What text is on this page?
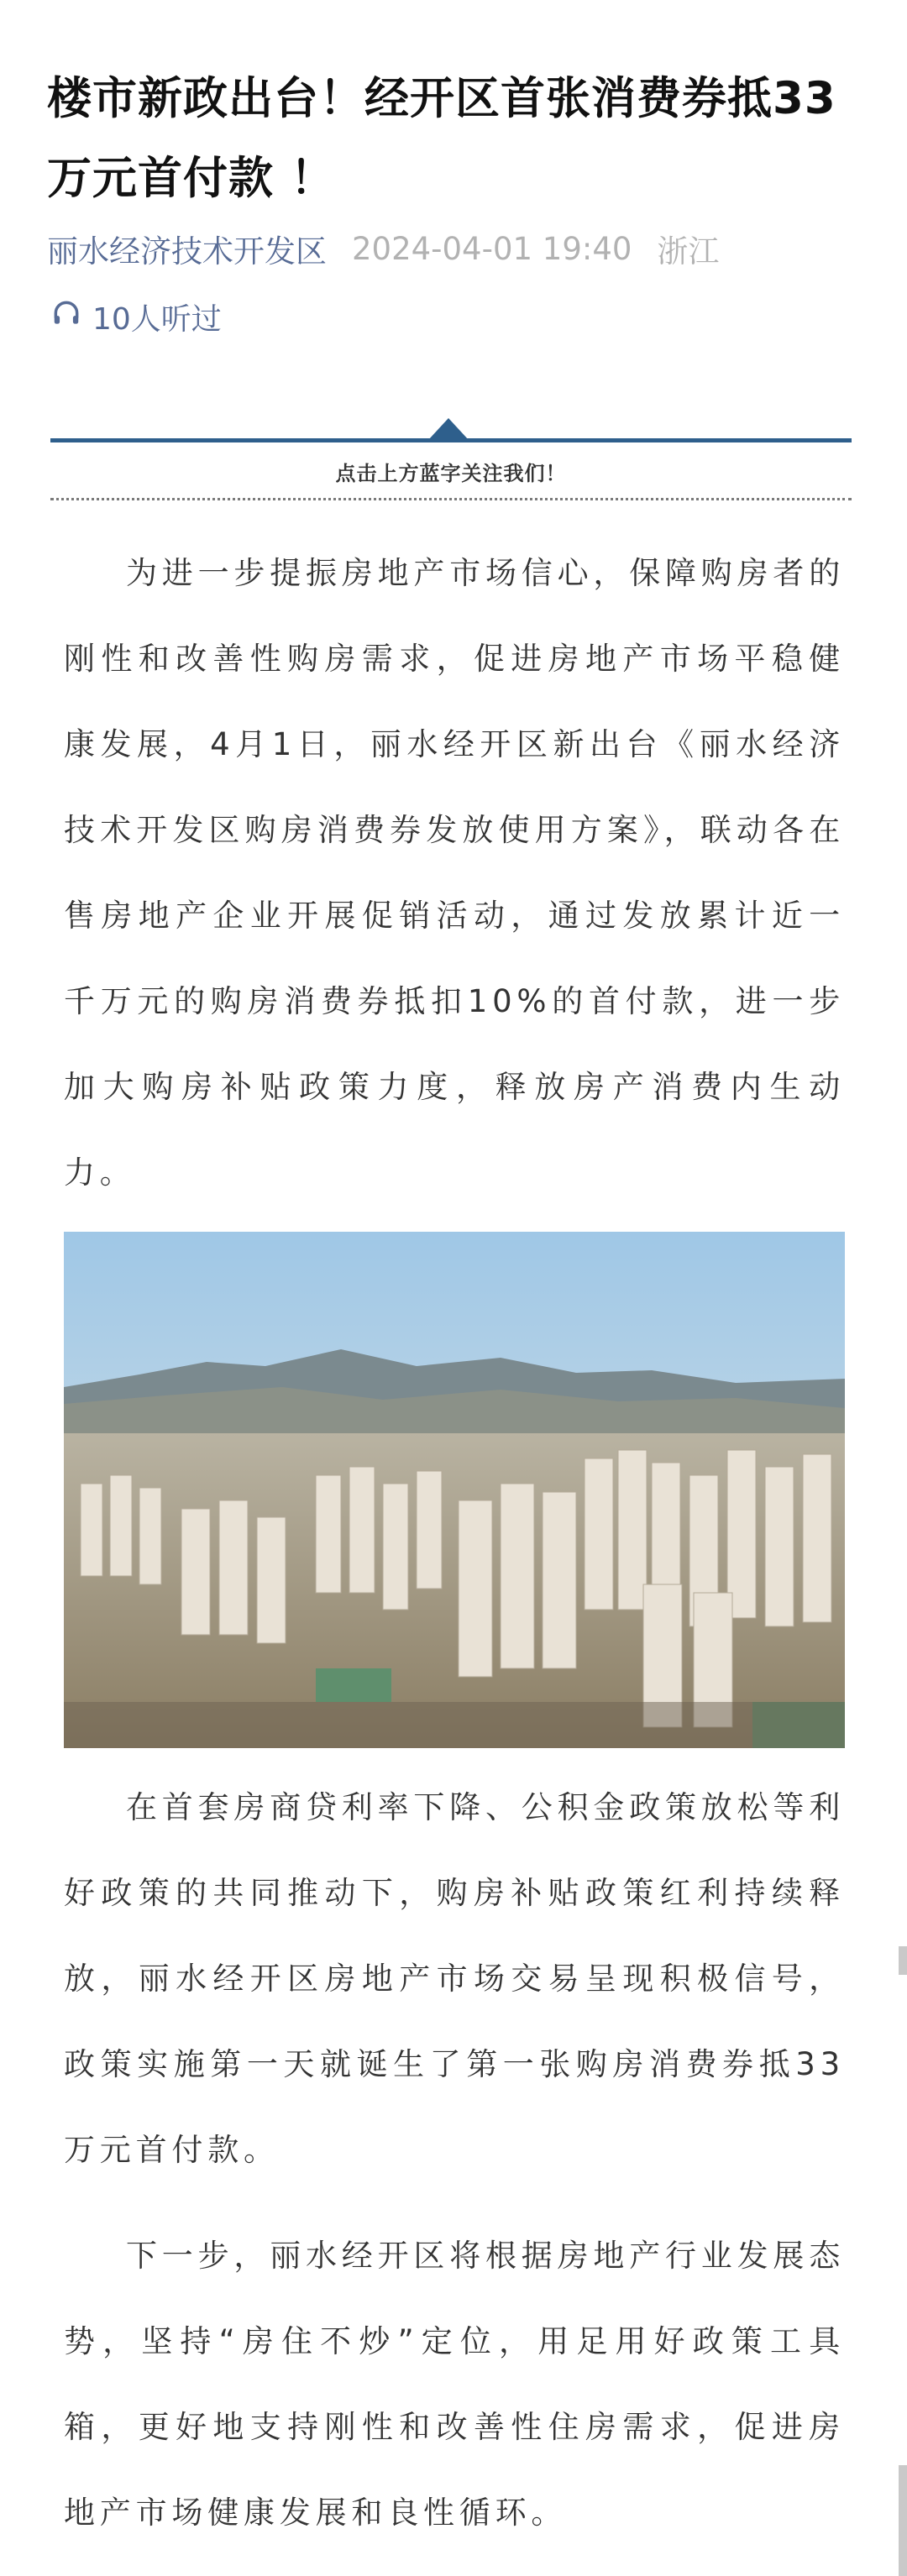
楼市新政出台！经开区首张消费券抵33万元首付款 ！
丽水经济技术开发区 2024-04-01 19:40 浙江
10人听过
点击上方蓝字关注我们！

为进一步提振房地产市场信心，保障购房者的刚性和改善性购房需求，促进房地产市场平稳健康发展，4月1日，丽水经开区新出台《丽水经济技术开发区购房消费券发放使用方案》，联动各在售房地产企业开展促销活动，通过发放累计近一千万元的购房消费券抵扣10%的首付款，进一步加大购房补贴政策力度，释放房产消费内生动力。

在首套房商贷利率下降、公积金政策放松等利好政策的共同推动下，购房补贴政策红利持续释放，丽水经开区房地产市场交易呈现积极信号，政策实施第一天就诞生了第一张购房消费券抵33万元首付款。

下一步，丽水经开区将根据房地产行业发展态势，坚持“房住不炒”定位，用足用好政策工具箱，更好地支持刚性和改善性住房需求，促进房地产市场健康发展和良性循环。
